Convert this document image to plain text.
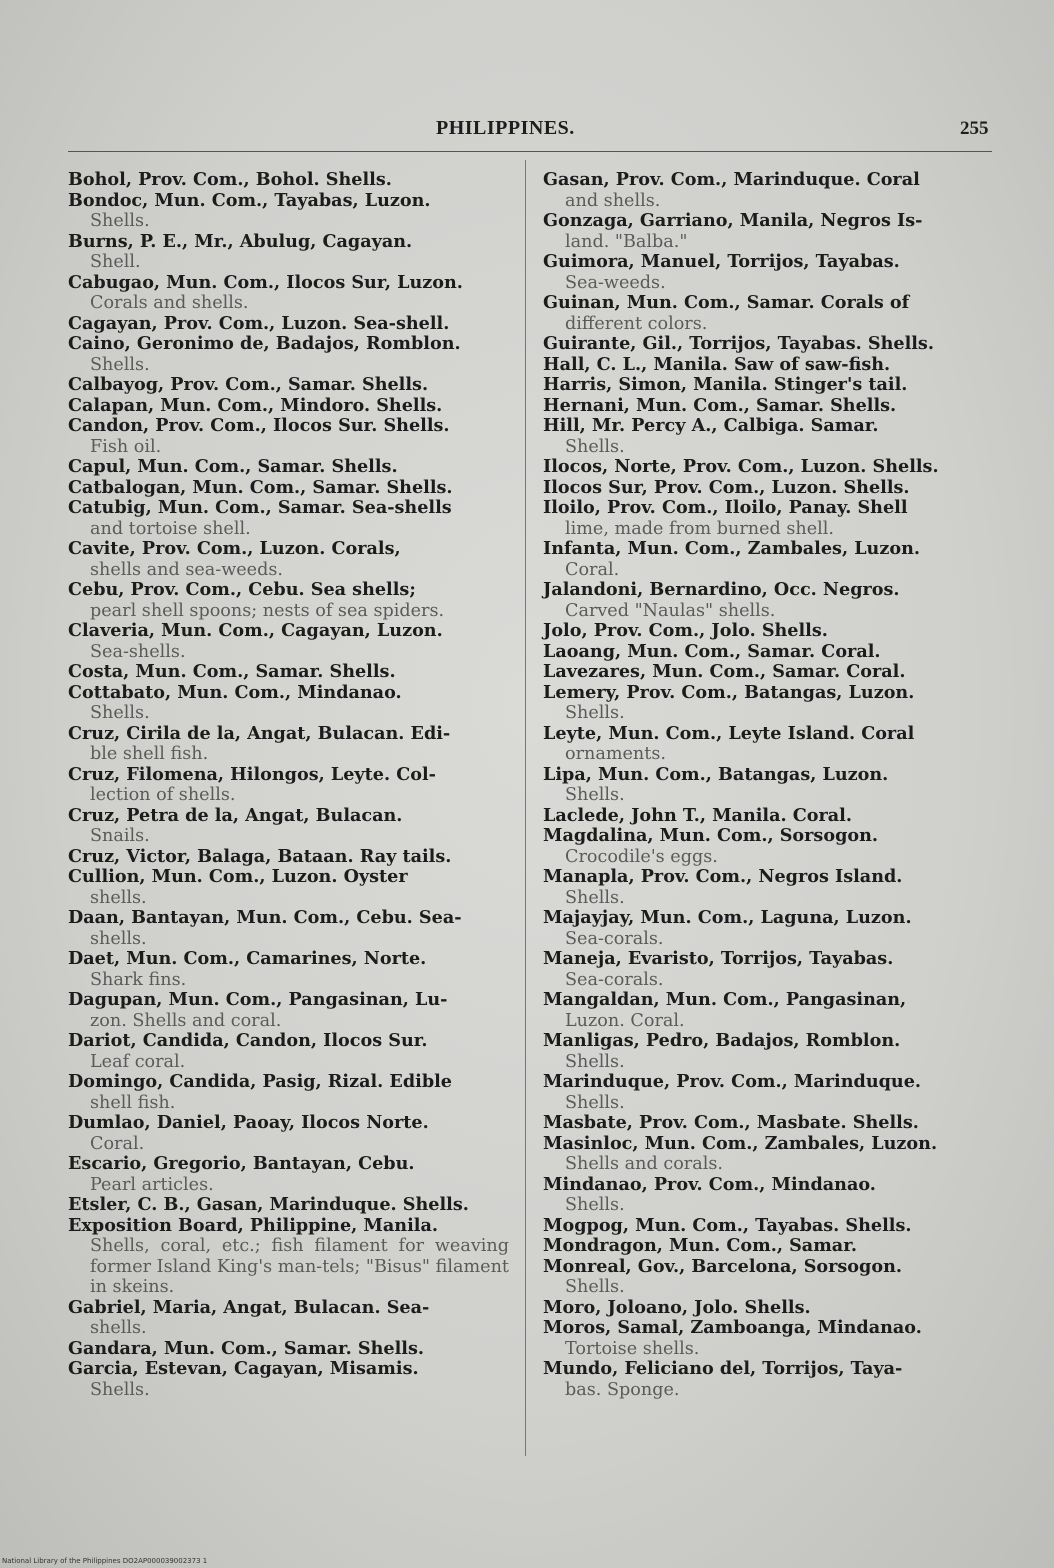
PHILIPPINES.	255
Bohol, Prov. Com., Bohol. Shells.
Bondoc, Mun. Com., Tayabas, Luzon.
Shells.
Burns, P. E., Mr., Abulug, Cagayan.
Shell.
Cabugao, Mun. Com., Ilocos Sur, Luzon.
Corals and shells.
Cagayan, Prov. Com., Luzon. Sea-shell.
Caino, Geronimo de, Badajos, Romblon.
Shells.
Calbayog, Prov. Com., Samar. Shells.
Calapan, Mun. Com., Mindoro. Shells.
Candon, Prov. Com., Ilocos Sur. Shells.
Fish oil.
Capul, Mun. Com., Samar. Shells.
Catbalogan, Mun. Com., Samar. Shells.
Catubig, Mun. Com., Samar. Sea-shells
and tortoise shell.
Cavite, Prov. Com., Luzon. Corals,
shells and sea-weeds.
Cebu, Prov. Com., Cebu. Sea shells;
pearl shell spoons; nests of sea spiders.
Claveria, Mun. Com., Cagayan, Luzon.
Sea-shells.
Costa, Mun. Com., Samar. Shells.
Cottabato, Mun. Com., Mindanao.
Shells.
Cruz, Cirila de la, Angat, Bulacan. Edi-
ble shell fish.
Cruz, Filomena, Hilongos, Leyte. Col-
lection of shells.
Cruz, Petra de la, Angat, Bulacan.
Snails.
Cruz, Victor, Balaga, Bataan. Ray tails.
Cullion, Mun. Com., Luzon. Oyster
shells.
Daan, Bantayan, Mun. Com., Cebu. Sea-
shells.
Daet, Mun. Com., Camarines, Norte.
Shark fins.
Dagupan, Mun. Com., Pangasinan, Lu-
zon. Shells and coral.
Dariot, Candida, Candon, Ilocos Sur.
Leaf coral.
Domingo, Candida, Pasig, Rizal. Edible
shell fish.
Dumlao, Daniel, Paoay, Ilocos Norte.
Coral.
Escario, Gregorio, Bantayan, Cebu.
Pearl articles.
Etsler, C. B., Gasan, Marinduque. Shells.
Exposition Board, Philippine, Manila.
Shells, coral, etc.; fish filament for weaving former Island King's man-tels; "Bisus" filament in skeins.
Gabriel, Maria, Angat, Bulacan. Sea-
shells.
Gandara, Mun. Com., Samar. Shells.
Garcia, Estevan, Cagayan, Misamis.
Shells.
Gasan, Prov. Com., Marinduque. Coral
and shells.
Gonzaga, Garriano, Manila, Negros Is-
land. "Balba."
Guimora, Manuel, Torrijos, Tayabas.
Sea-weeds.
Guinan, Mun. Com., Samar. Corals of
different colors.
Guirante, Gil., Torrijos, Tayabas. Shells.
Hall, C. L., Manila. Saw of saw-fish.
Harris, Simon, Manila. Stinger's tail.
Hernani, Mun. Com., Samar. Shells.
Hill, Mr. Percy A., Calbiga. Samar.
Shells.
Ilocos, Norte, Prov. Com., Luzon. Shells.
Ilocos Sur, Prov. Com., Luzon. Shells.
Iloilo, Prov. Com., Iloilo, Panay. Shell
lime, made from burned shell.
Infanta, Mun. Com., Zambales, Luzon.
Coral.
Jalandoni, Bernardino, Occ. Negros.
Carved "Naulas" shells.
Jolo, Prov. Com., Jolo. Shells.
Laoang, Mun. Com., Samar. Coral.
Lavezares, Mun. Com., Samar. Coral.
Lemery, Prov. Com., Batangas, Luzon.
Shells.
Leyte, Mun. Com., Leyte Island. Coral
ornaments.
Lipa, Mun. Com., Batangas, Luzon.
Shells.
Laclede, John T., Manila. Coral.
Magdalina, Mun. Com., Sorsogon.
Crocodile's eggs.
Manapla, Prov. Com., Negros Island.
Shells.
Majayjay, Mun. Com., Laguna, Luzon.
Sea-corals.
Maneja, Evaristo, Torrijos, Tayabas.
Sea-corals.
Mangaldan, Mun. Com., Pangasinan,
Luzon. Coral.
Manligas, Pedro, Badajos, Romblon.
Shells.
Marinduque, Prov. Com., Marinduque.
Shells.
Masbate, Prov. Com., Masbate. Shells.
Masinloc, Mun. Com., Zambales, Luzon.
Shells and corals.
Mindanao, Prov. Com., Mindanao.
Shells.
Mogpog, Mun. Com., Tayabas. Shells.
Mondragon, Mun. Com., Samar.
Monreal, Gov., Barcelona, Sorsogon.
Shells.
Moro, Joloano, Jolo. Shells.
Moros, Samal, Zamboanga, Mindanao.
Tortoise shells.
Mundo, Feliciano del, Torrijos, Taya-
bas. Sponge.
National Library of the Philippines DO2AP000039002373 1
